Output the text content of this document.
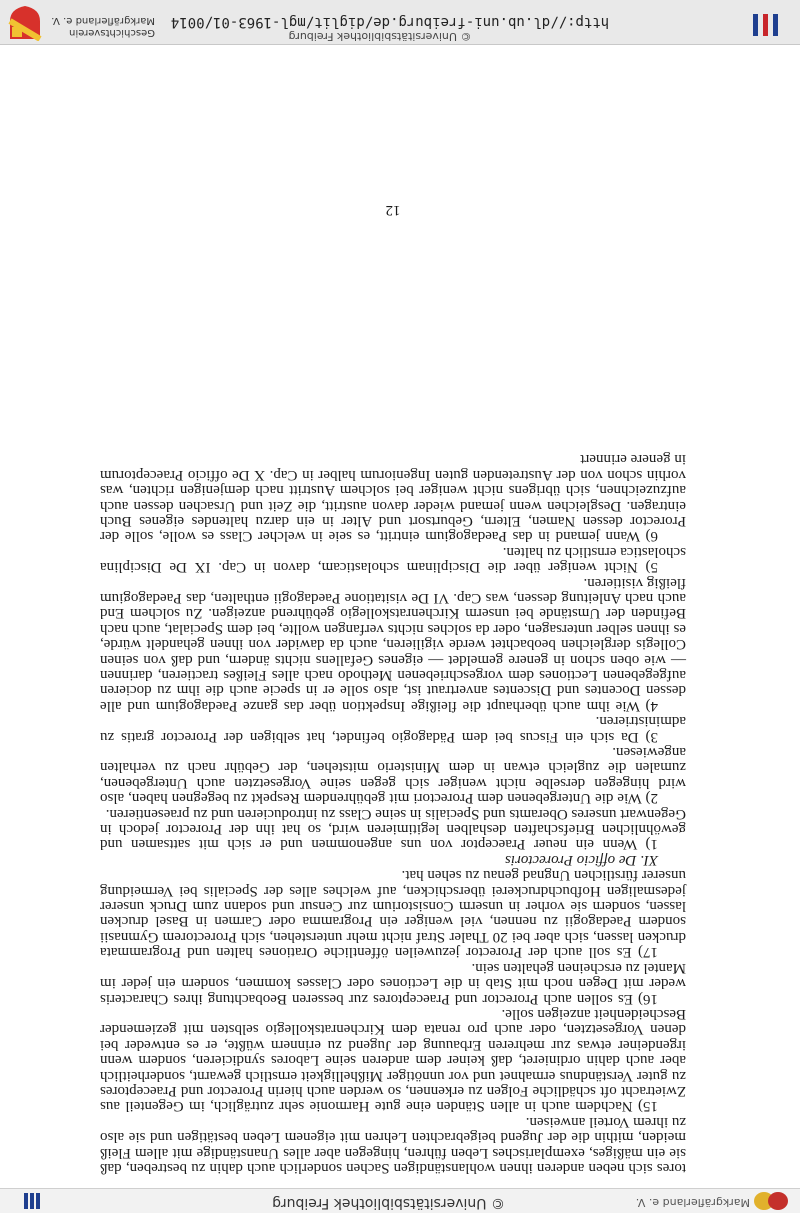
Markgräflerland e. V.
© Universitätsbibliothek Freiburg

tores sich neben anderen ihnen wohlanständigen Sachen sonderlich auch dahin zu bestreben, daß sie ein mäßiges, exemplarisches Leben führen, hingegen aber alles Unanständige mit allem Fleiß meiden, mithin die der Jugend beigebrachten Lehren mit eigenem Leben bestätigen und sie also zu ihrem Vorteil anweisen.

15) Nachdem auch in allen Ständen eine gute Harmonie sehr zuträglich, im Gegenteil aus Zwietracht oft schädliche Folgen zu erkennen, so werden auch hierin Prorector und Praeceptores zu guter Verständnus ermahnet und vor unnötiger Mißhelligkeit ernstlich gewarnt, sonderheitlich aber auch dahin ordinieret, daß keiner dem anderen seine Labores syndicieren, sondern wenn irgendeiner etwas zur mehreren Erbauung der Jugend zu erinnern wüßte, er es entweder bei denen Vorgesetzten, oder auch pro renata dem Kirchenratskollegio selbsten mit geziemender Bescheidenheit anzeigen solle.

16) Es sollen auch Prorector und Praeceptores zur besseren Beobachtung ihres Characteris weder mit Degen noch mit Stab in die Lectiones oder Classes kommen, sondern ein jeder im Mantel zu erscheinen gehalten sein.

17) Es soll auch der Prorector jezuweilen öffentliche Orationes halten und Programmata drucken lassen, sich aber bei 20 Thaler Straf nicht mehr unterstehen, sich Prorectorem Gymnasii sondern Paedagogii zu nennen, viel weniger ein Programma oder Carmen in Basel drucken lassen, sondern sie vorher in unserm Consistorium zur Censur und sodann zum Druck unserer jedesmaligen Hofbuchdruckerei überschicken, auf welches alles der Specialis bei Vermeidung unserer fürstlichen Ungnad genau zu sehen hat.

XI. De officio Prorectoris

1) Wenn ein neuer Praeceptor von uns angenommen und er sich mit sattsamen und gewöhnlichen Briefschaften deshalben legitimieren wird, so hat ihn der Prorector jedoch in Gegenwart unseres Oberamts und Specialis in seine Class zu introducieren und zu praesentieren.

2) Wie die Untergebenen dem Prorectori mit gebührendem Respekt zu begegnen haben, also wird hingegen derselbe nicht weniger sich gegen seine Vorgesetzten auch Untergebenen, zumalen die zugleich etwan in dem Ministerio mitstehen, der Gebühr nach zu verhalten angewiesen.

3) Da sich ein Fiscus bei dem Pädagogio befindet, hat selbigen der Prorector gratis zu administrieren.

4) Wie ihm auch überhaupt die fleißige Inspektion über das ganze Paedagogium und alle dessen Docentes und Discentes anvertraut ist, also solle er in specie auch die ihm zu docieren aufgegebenen Lectiones dem vorgeschriebenen Methodo nach alles Fleißes tractieren, darinnen — wie oben schon in genere gemeldet — eigenes Gefallens nichts ändern, und daß von seinen Collegis dergleichen beobachtet werde vigilieren, auch da dawider von ihnen gehandelt würde, es ihnen selber untersagen, oder da solches nichts verfangen wollte, bei dem Specialat, auch nach Befinden der Umstände bei unserm Kirchenratskollegio gebührend anzeigen. Zu solchem End auch nach Anleitung dessen, was Cap. VI De visitatione Paedagogii enthalten, das Paedagogium fleißig visitieren.

5) Nicht weniger über die Disciplinam scholasticam, davon in Cap. IX De Disciplina scholastica ernstlich zu halten.

6) Wann jemand in das Paedagogium eintritt, es seie in welcher Class es wolle, solle der Prorector dessen Namen, Eltern, Geburtsort und Alter in ein darzu haltendes eigenes Buch eintragen. Desgleichen wenn jemand wieder davon austritt, die Zeit und Ursachen dessen auch aufzuzeichnen, sich übrigens nicht weniger bei solchem Austritt nach demjenigen richten, was vorhin schon von der Austretenden guten Ingeniorum halber in Cap. X De officio Praeceptorum in genere erinnert

12
© Universitätsbibliothek Freiburg
http://dl.ub.uni-freiburg.de/diglit/mgl-1963-01/0014
Geschichtsverein
Markgräflerland e. V.
